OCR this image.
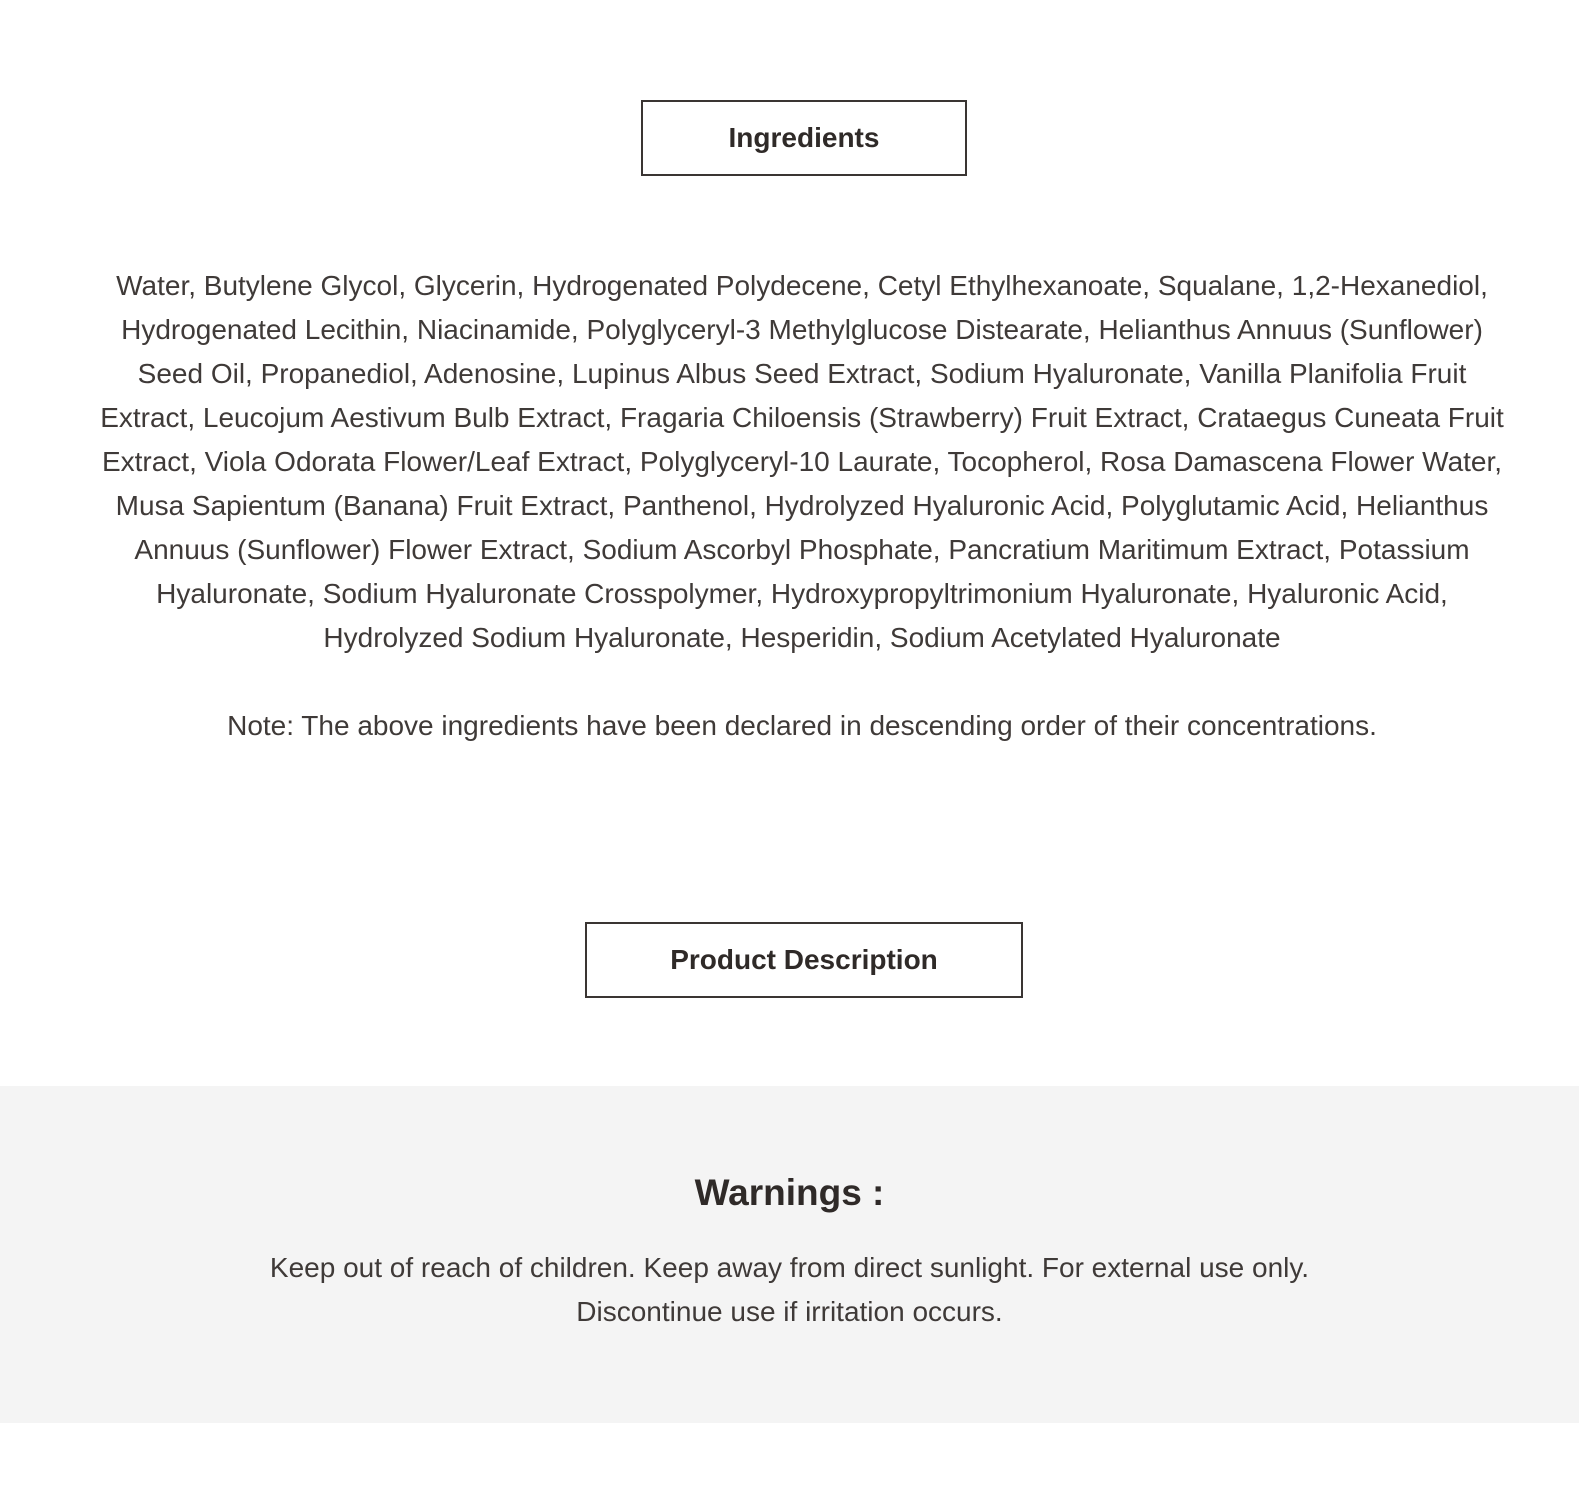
Ingredients
Water, Butylene Glycol, Glycerin, Hydrogenated Polydecene, Cetyl Ethylhexanoate, Squalane, 1,2-Hexanediol, Hydrogenated Lecithin, Niacinamide, Polyglyceryl-3 Methylglucose Distearate, Helianthus Annuus (Sunflower) Seed Oil, Propanediol, Adenosine, Lupinus Albus Seed Extract, Sodium Hyaluronate, Vanilla Planifolia Fruit Extract, Leucojum Aestivum Bulb Extract, Fragaria Chiloensis (Strawberry) Fruit Extract, Crataegus Cuneata Fruit Extract, Viola Odorata Flower/Leaf Extract, Polyglyceryl-10 Laurate, Tocopherol, Rosa Damascena Flower Water, Musa Sapientum (Banana) Fruit Extract, Panthenol, Hydrolyzed Hyaluronic Acid, Polyglutamic Acid, Helianthus Annuus (Sunflower) Flower Extract, Sodium Ascorbyl Phosphate, Pancratium Maritimum Extract, Potassium Hyaluronate, Sodium Hyaluronate Crosspolymer, Hydroxypropyltrimonium Hyaluronate, Hyaluronic Acid, Hydrolyzed Sodium Hyaluronate, Hesperidin, Sodium Acetylated Hyaluronate
Note: The above ingredients have been declared in descending order of their concentrations.
Product Description
Warnings :
Keep out of reach of children. Keep away from direct sunlight. For external use only.
Discontinue use if irritation occurs.
